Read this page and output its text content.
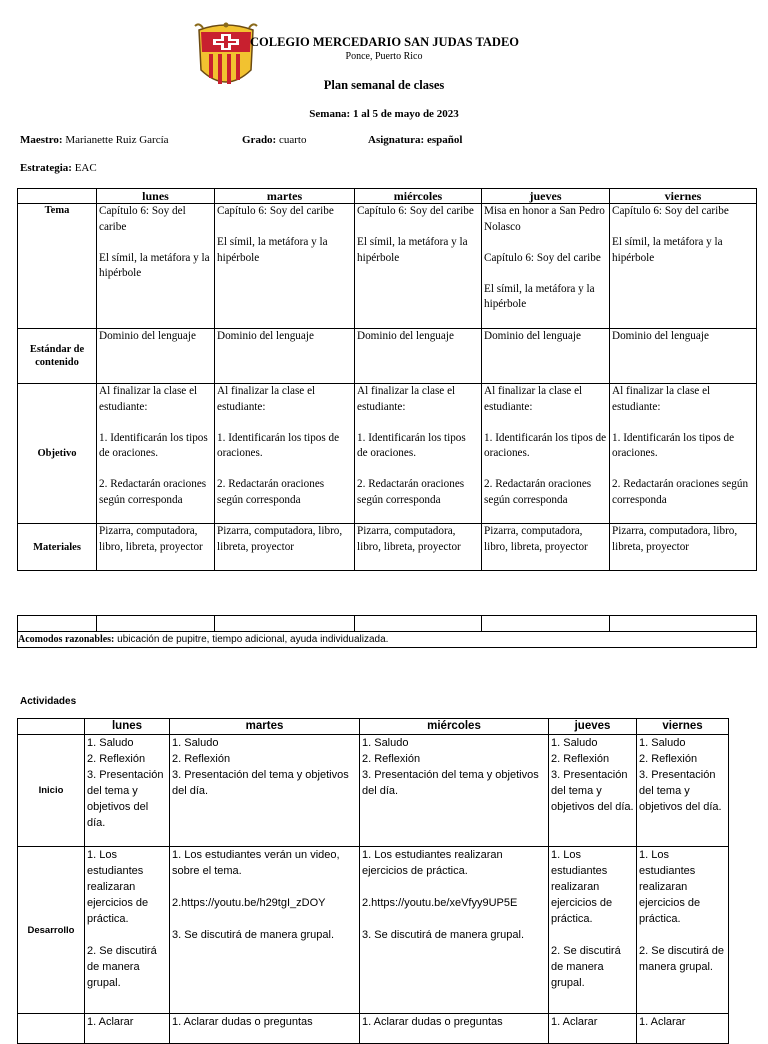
COLEGIO MERCEDARIO SAN JUDAS TADEO
Ponce, Puerto Rico
Plan semanal de clases
Semana: 1 al 5 de mayo de 2023
Maestro: Marianette Ruiz García	Grado: cuarto	Asignatura: español
Estrategia: EAC
	lunes	martes	miércoles	jueves	viernes
Tema	Capítulo 6: Soy del caribe

El símil, la metáfora y la hipérbole	Capítulo 6: Soy del caribe

El símil, la metáfora y la hipérbole	Capítulo 6: Soy del caribe

El símil, la metáfora y la hipérbole	Misa en honor a San Pedro Nolasco

Capítulo 6: Soy del caribe

El símil, la metáfora y la hipérbole	Capítulo 6: Soy del caribe

El símil, la metáfora y la hipérbole

Estándar de contenido	Dominio del lenguaje	Dominio del lenguaje	Dominio del lenguaje	Dominio del lenguaje	Dominio del lenguaje

Objetivo	Al finalizar la clase el estudiante:

1. Identificarán los tipos de oraciones.

2. Redactarán oraciones según corresponda	Al finalizar la clase el estudiante:

1. Identificarán los tipos de oraciones.

2. Redactarán oraciones según corresponda	Al finalizar la clase el estudiante:

1. Identificarán los tipos de oraciones.

2. Redactarán oraciones según corresponda	Al finalizar la clase el estudiante:

1. Identificarán los tipos de oraciones.

2. Redactarán oraciones según corresponda	Al finalizar la clase el estudiante:

1. Identificarán los tipos de oraciones.

2. Redactarán oraciones según corresponda

Materiales	Pizarra, computadora, libro, libreta, proyector	Pizarra, computadora, libro, libreta, proyector	Pizarra, computadora, libro, libreta, proyector	Pizarra, computadora, libro, libreta, proyector	Pizarra, computadora, libro, libreta, proyector

Acomodos razonables: ubicación de pupitre, tiempo adicional, ayuda individualizada.
Actividades
	lunes	martes	miércoles	jueves	viernes
Inicio	1. Saludo
2. Reflexión
3. Presentación del tema y objetivos del día.	1. Saludo
2. Reflexión
3. Presentación del tema y objetivos del día.	1. Saludo
2. Reflexión
3. Presentación del tema y objetivos del día.	1. Saludo
2. Reflexión
3. Presentación del tema y objetivos del día.	1. Saludo
2. Reflexión
3. Presentación del tema y objetivos del día.

Desarrollo	1. Los estudiantes realizaran ejercicios de práctica.

2. Se discutirá de manera grupal.	1. Los estudiantes verán un video, sobre el tema.

2.https://youtu.be/h29tgI_zDOY

3. Se discutirá de manera grupal.	1. Los estudiantes realizaran ejercicios de práctica.

2.https://youtu.be/xeVfyy9UP5E

3. Se discutirá de manera grupal.	1. Los estudiantes realizaran ejercicios de práctica.

2. Se discutirá de manera grupal.	1. Los estudiantes realizaran ejercicios de práctica.

2. Se discutirá de manera grupal.

	1. Aclarar	1. Aclarar dudas o preguntas	1. Aclarar dudas o preguntas	1. Aclarar	1. Aclarar
